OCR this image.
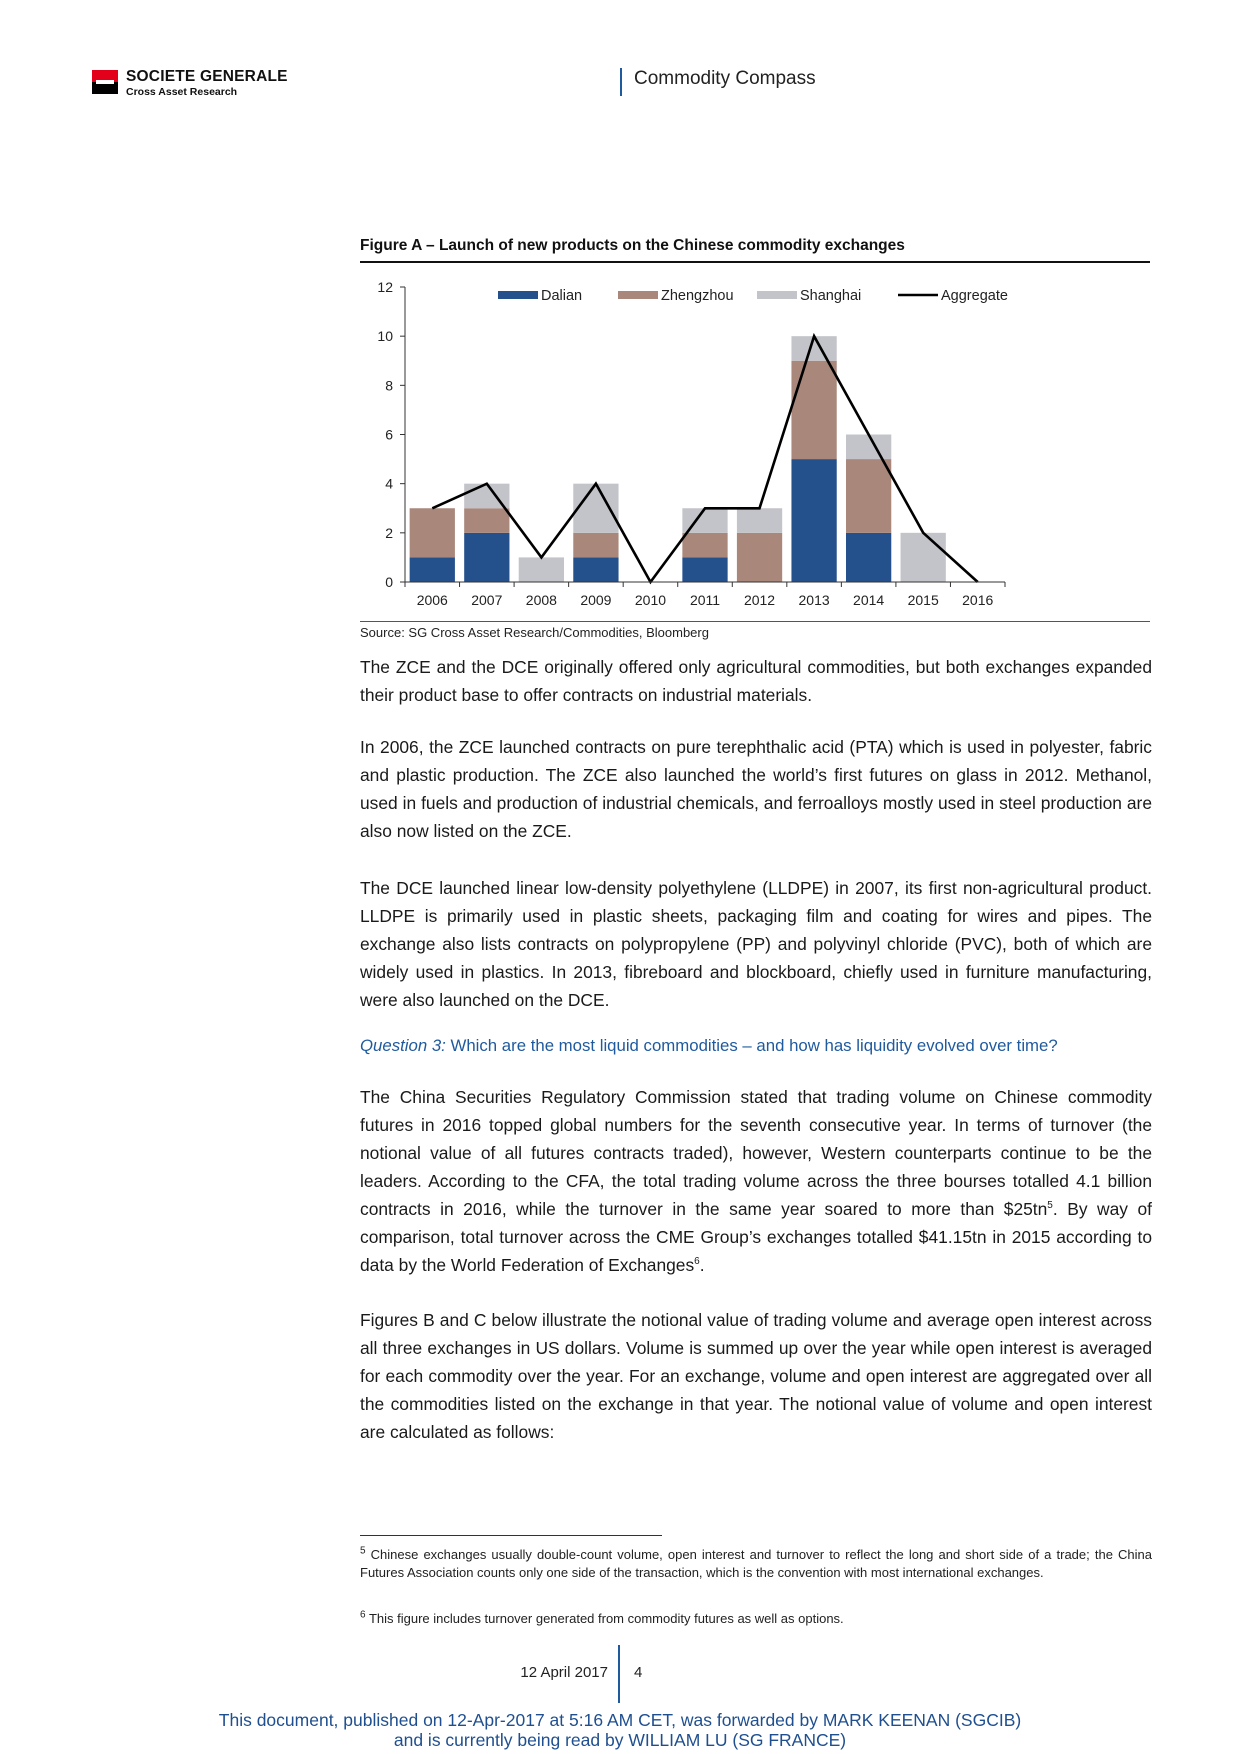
SOCIETE GENERALE
Cross Asset Research
Commodity Compass
Figure A – Launch of new products on the Chinese commodity exchanges
0
2
4
6
8
10
12
2006 2007 2008 2009 2010 2011 2012 2013 2014 2015 2016
Dalian	Zhengzhou	Shanghai	Aggregate
Source: SG Cross Asset Research/Commodities, Bloomberg

The ZCE and the DCE originally offered only agricultural commodities, but both exchanges expanded their product base to offer contracts on industrial materials.

In 2006, the ZCE launched contracts on pure terephthalic acid (PTA) which is used in polyester, fabric and plastic production. The ZCE also launched the world’s first futures on glass in 2012. Methanol, used in fuels and production of industrial chemicals, and ferroalloys mostly used in steel production are also now listed on the ZCE.

The DCE launched linear low-density polyethylene (LLDPE) in 2007, its first non-agricultural product. LLDPE is primarily used in plastic sheets, packaging film and coating for wires and pipes. The exchange also lists contracts on polypropylene (PP) and polyvinyl chloride (PVC), both of which are widely used in plastics. In 2013, fibreboard and blockboard, chiefly used in furniture manufacturing, were also launched on the DCE.

Question 3: Which are the most liquid commodities – and how has liquidity evolved over time?

The China Securities Regulatory Commission stated that trading volume on Chinese commodity futures in 2016 topped global numbers for the seventh consecutive year. In terms of turnover (the notional value of all futures contracts traded), however, Western counterparts continue to be the leaders. According to the CFA, the total trading volume across the three bourses totalled 4.1 billion contracts in 2016, while the turnover in the same year soared to more than $\$25tn^5$. By way of comparison, total turnover across the CME Group’s exchanges totalled $41.15tn in 2015 according to data by the World Federation of Exchanges$^6$.

Figures B and C below illustrate the notional value of trading volume and average open interest across all three exchanges in US dollars. Volume is summed up over the year while open interest is averaged for each commodity over the year. For an exchange, volume and open interest are aggregated over all the commodities listed on the exchange in that year. The notional value of volume and open interest are calculated as follows:

$^5$ Chinese exchanges usually double-count volume, open interest and turnover to reflect the long and short side of a trade; the China Futures Association counts only one side of the transaction, which is the convention with most international exchanges.

$^6$ This figure includes turnover generated from commodity futures as well as options.

12 April 2017 4
This document, published on 12-Apr-2017 at 5:16 AM CET, was forwarded by MARK KEENAN (SGCIB)
and is currently being read by WILLIAM LU (SG FRANCE)
